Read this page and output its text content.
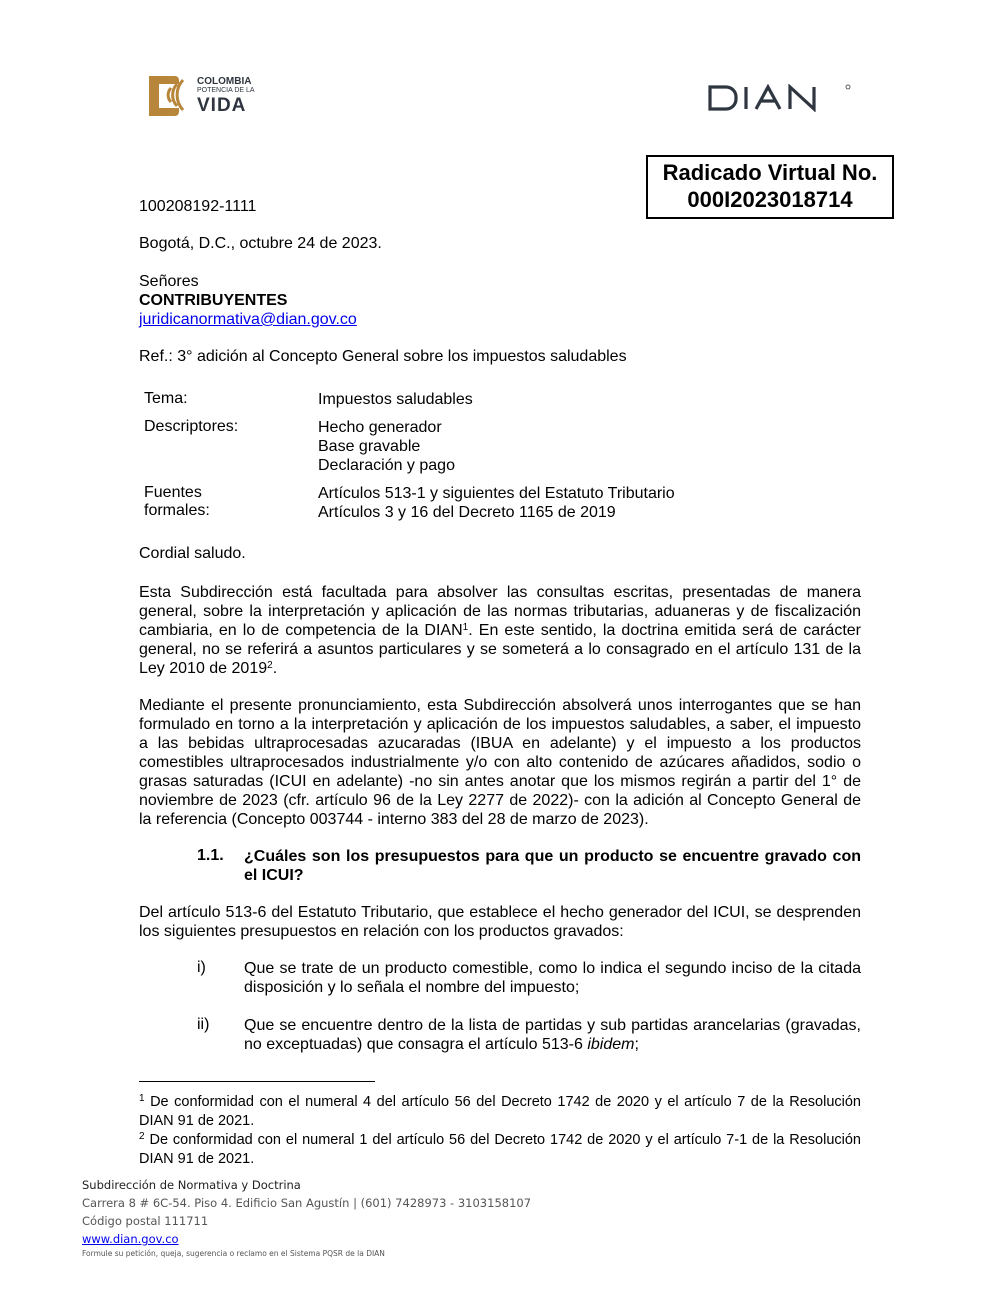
COLOMBIA
POTENCIA DE LA
VIDA
Radicado Virtual No.
000I2023018714
100208192-1111
Bogotá, D.C., octubre 24 de 2023.
Señores
CONTRIBUYENTES
juridicanormativa@dian.gov.co
Ref.: 3° adición al Concepto General sobre los impuestos saludables
Tema:	Impuestos saludables
Descriptores:	Hecho generador
Base gravable
Declaración y pago
Fuentes formales:
Artículos 513-1 y siguientes del Estatuto Tributario
Artículos 3 y 16 del Decreto 1165 de 2019
Cordial saludo.

Esta Subdirección está facultada para absolver las consultas escritas, presentadas de manera general, sobre la interpretación y aplicación de las normas tributarias, aduaneras y de fiscalización cambiaria, en lo de competencia de la DIAN$^1$. En este sentido, la doctrina emitida será de carácter general, no se referirá a asuntos particulares y se someterá a lo consagrado en el artículo 131 de la Ley 2010 de 2019$^2$.

Mediante el presente pronunciamiento, esta Subdirección absolverá unos interrogantes que se han formulado en torno a la interpretación y aplicación de los impuestos saludables, a saber, el impuesto a las bebidas ultraprocesadas azucaradas (IBUA en adelante) y el impuesto a los productos comestibles ultraprocesados industrialmente y/o con alto contenido de azúcares añadidos, sodio o grasas saturadas (ICUI en adelante) -no sin antes anotar que los mismos regirán a partir del 1° de noviembre de 2023 (cfr. artículo 96 de la Ley 2277 de 2022)- con la adición al Concepto General de la referencia (Concepto 003744 - interno 383 del 28 de marzo de 2023).

1.1. ¿Cuáles son los presupuestos para que un producto se encuentre gravado con el ICUI?

Del artículo 513-6 del Estatuto Tributario, que establece el hecho generador del ICUI, se desprenden los siguientes presupuestos en relación con los productos gravados:

i) Que se trate de un producto comestible, como lo indica el segundo inciso de la citada disposición y lo señala el nombre del impuesto;

ii) Que se encuentre dentro de la lista de partidas y sub partidas arancelarias (gravadas, no exceptuadas) que consagra el artículo 513-6 ibidem;

$^1$ De conformidad con el numeral 4 del artículo 56 del Decreto 1742 de 2020 y el artículo 7 de la Resolución DIAN 91 de 2021.

$^2$ De conformidad con el numeral 1 del artículo 56 del Decreto 1742 de 2020 y el artículo 7-1 de la Resolución DIAN 91 de 2021.

Subdirección de Normativa y Doctrina
Carrera 8 # 6C-54. Piso 4. Edificio San Agustín | (601) 7428973 - 3103158107
Código postal 111711
www.dian.gov.co
Formule su petición, queja, sugerencia o reclamo en el Sistema PQSR de la DIAN
